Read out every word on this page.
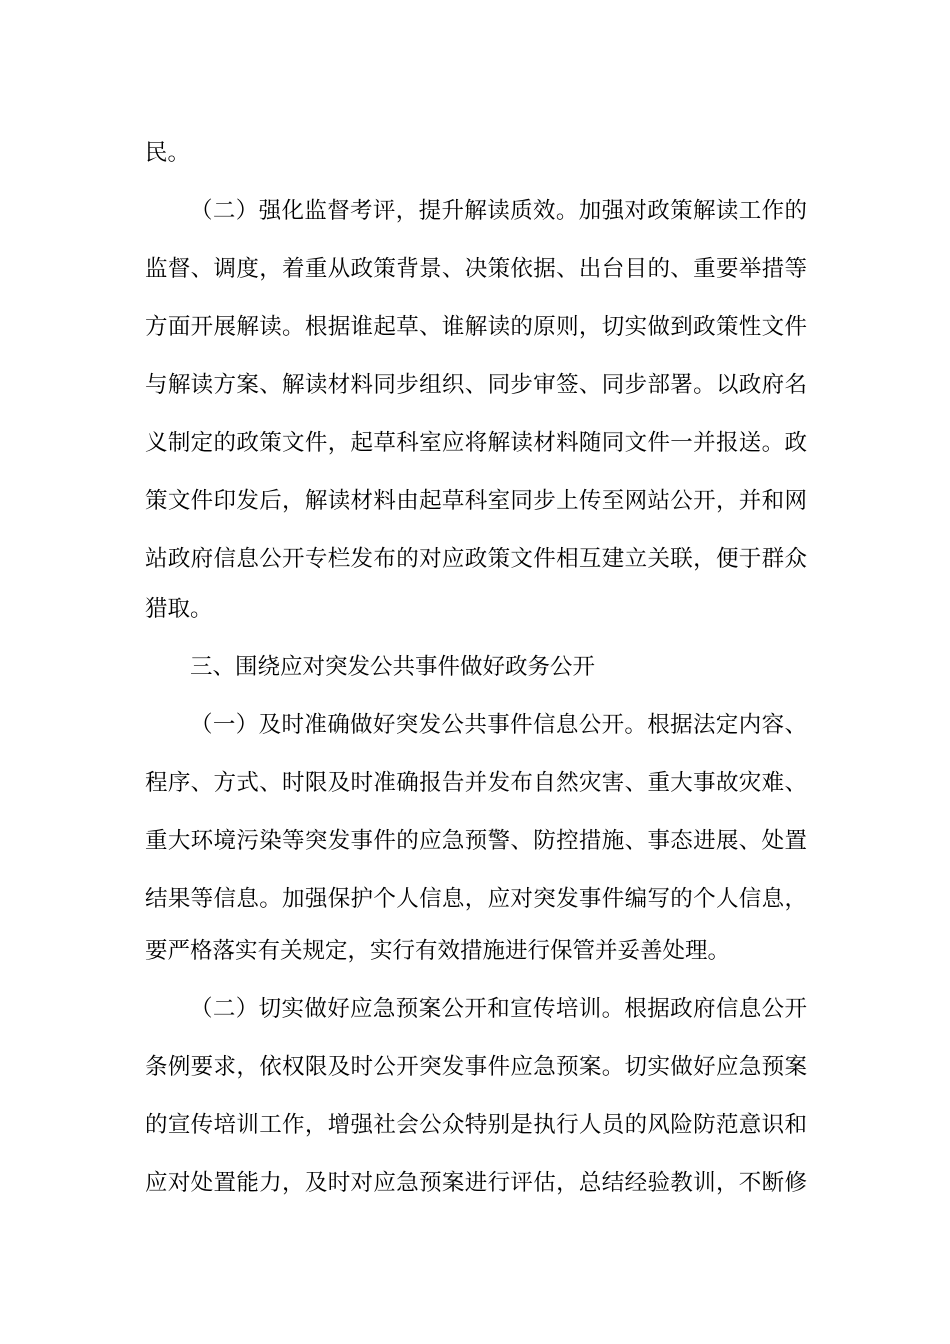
民。
（二）强化监督考评，提升解读质效。加强对政策解读工作的
监督、调度，着重从政策背景、决策依据、出台目的、重要举措等
方面开展解读。根据谁起草、谁解读的原则，切实做到政策性文件
与解读方案、解读材料同步组织、同步审签、同步部署。以政府名
义制定的政策文件，起草科室应将解读材料随同文件一并报送。政
策文件印发后，解读材料由起草科室同步上传至网站公开，并和网
站政府信息公开专栏发布的对应政策文件相互建立关联，便于群众
猎取。
三、围绕应对突发公共事件做好政务公开
（一）及时准确做好突发公共事件信息公开。根据法定内容、
程序、方式、时限及时准确报告并发布自然灾害、重大事故灾难、
重大环境污染等突发事件的应急预警、防控措施、事态进展、处置
结果等信息。加强保护个人信息，应对突发事件编写的个人信息，
要严格落实有关规定，实行有效措施进行保管并妥善处理。
（二）切实做好应急预案公开和宣传培训。根据政府信息公开
条例要求，依权限及时公开突发事件应急预案。切实做好应急预案
的宣传培训工作，增强社会公众特别是执行人员的风险防范意识和
应对处置能力，及时对应急预案进行评估，总结经验教训，不断修
